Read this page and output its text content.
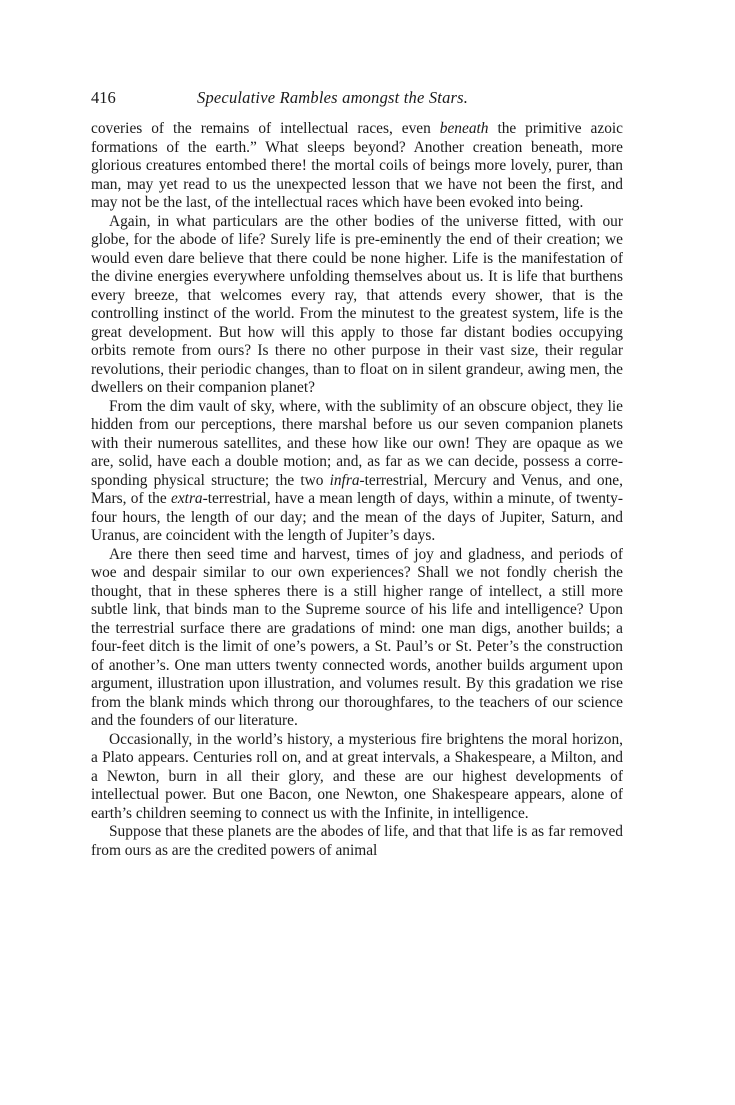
416	Speculative Rambles amongst the Stars.

coveries of the remains of intellectual races, even beneath the primitive azoic formations of the earth.” What sleeps beyond? Another creation beneath, more glorious creatures entombed there! the mortal coils of beings more lovely, purer, than man, may yet read to us the unexpected lesson that we have not been the first, and may not be the last, of the intellectual races which have been evoked into being.

Again, in what particulars are the other bodies of the universe fitted, with our globe, for the abode of life? Surely life is pre-eminently the end of their creation; we would even dare believe that there could be none higher. Life is the manifestation of the divine energies everywhere unfolding themselves about us. It is life that burthens every breeze, that welcomes every ray, that attends every shower, that is the controlling instinct of the world. From the minutest to the greatest system, life is the great development. But how will this apply to those far distant bodies occupying orbits remote from ours? Is there no other purpose in their vast size, their regular revolutions, their periodic changes, than to float on in silent grandeur, awing men, the dwellers on their companion planet?

From the dim vault of sky, where, with the sublimity of an obscure object, they lie hidden from our perceptions, there marshal before us our seven companion planets with their numerous satellites, and these how like our own! They are opaque as we are, solid, have each a double motion; and, as far as we can decide, possess a corre-sponding physical structure; the two infra-terrestrial, Mercury and Venus, and one, Mars, of the extra-terrestrial, have a mean length of days, within a minute, of twenty-four hours, the length of our day; and the mean of the days of Jupiter, Saturn, and Uranus, are coincident with the length of Jupiter’s days.

Are there then seed time and harvest, times of joy and gladness, and periods of woe and despair similar to our own experiences? Shall we not fondly cherish the thought, that in these spheres there is a still higher range of intellect, a still more subtle link, that binds man to the Supreme source of his life and intelligence? Upon the terrestrial surface there are gradations of mind: one man digs, another builds; a four-feet ditch is the limit of one’s powers, a St. Paul’s or St. Peter’s the construction of another’s. One man utters twenty connected words, another builds argument upon argument, illustration upon illustration, and volumes result. By this gradation we rise from the blank minds which throng our thoroughfares, to the teachers of our science and the founders of our literature.

Occasionally, in the world’s history, a mysterious fire brightens the moral horizon, a Plato appears. Centuries roll on, and at great intervals, a Shakespeare, a Milton, and a Newton, burn in all their glory, and these are our highest developments of intellectual power. But one Bacon, one Newton, one Shakespeare appears, alone of earth’s children seeming to connect us with the Infinite, in intelligence.

Suppose that these planets are the abodes of life, and that that life is as far removed from ours as are the credited powers of animal
